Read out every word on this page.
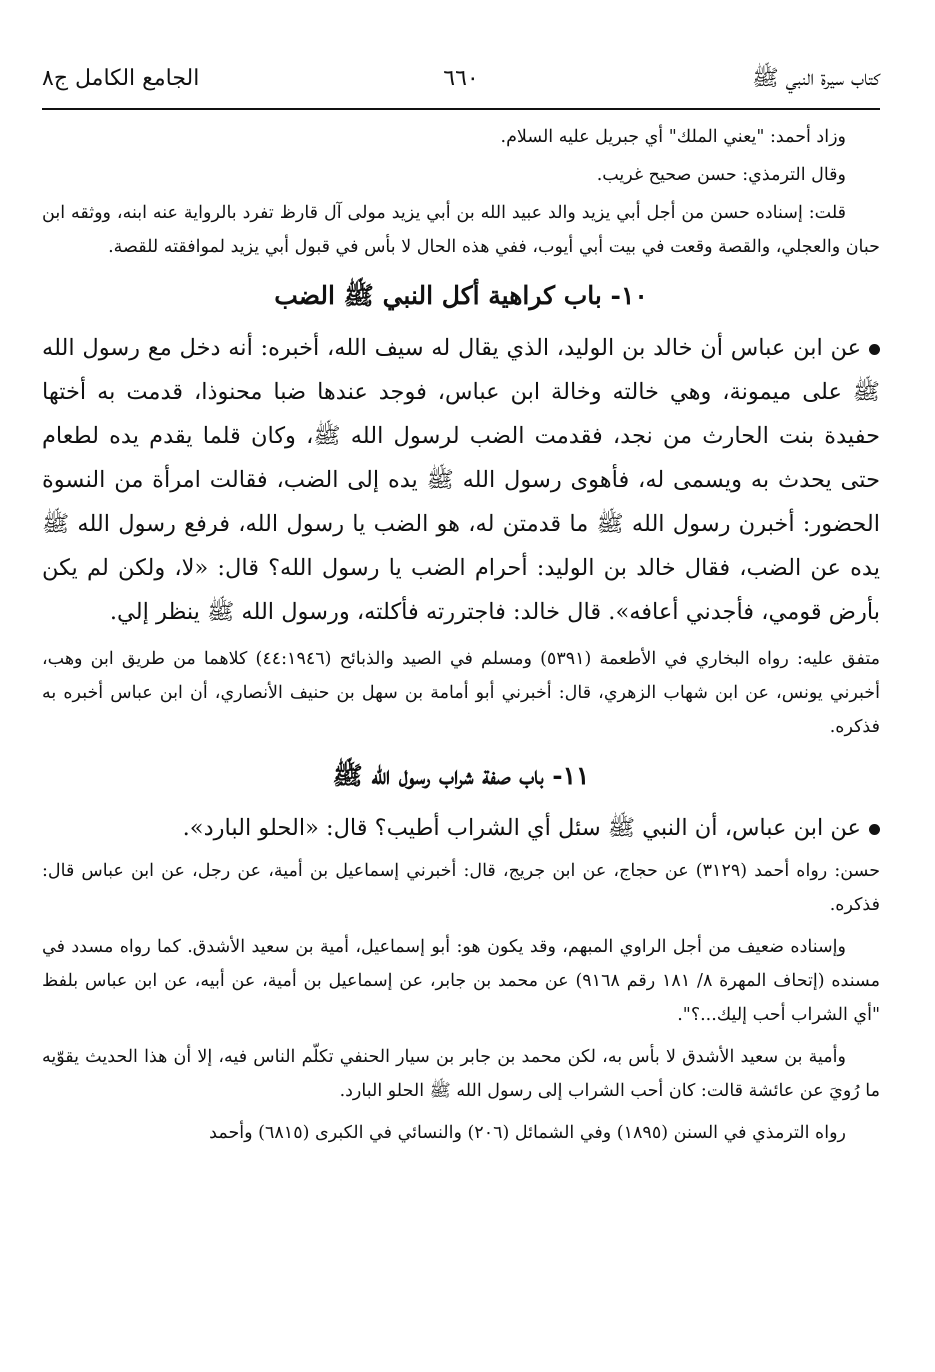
كتاب سيرة النبي ﷺ
٦٦٠
الجامع الكامل ج٨

وزاد أحمد: "يعني الملك" أي جبريل عليه السلام.

وقال الترمذي: حسن صحيح غريب.

قلت: إسناده حسن من أجل أبي يزيد والد عبيد الله بن أبي يزيد مولى آل قارظ تفرد بالرواية عنه ابنه، ووثقه ابن حبان والعجلي، والقصة وقعت في بيت أبي أيوب، ففي هذه الحال لا بأس في قبول أبي يزيد لموافقته للقصة.

١٠- باب كراهية أكل النبي ﷺ الضب

عن ابن عباس أن خالد بن الوليد، الذي يقال له سيف الله، أخبره: أنه دخل مع رسول الله ﷺ على ميمونة، وهي خالته وخالة ابن عباس، فوجد عندها ضبا محنوذا، قدمت به أختها حفيدة بنت الحارث من نجد، فقدمت الضب لرسول الله ﷺ، وكان قلما يقدم يده لطعام حتى يحدث به ويسمى له، فأهوى رسول الله ﷺ يده إلى الضب، فقالت امرأة من النسوة الحضور: أخبرن رسول الله ﷺ ما قدمتن له، هو الضب يا رسول الله، فرفع رسول الله ﷺ يده عن الضب، فقال خالد بن الوليد: أحرام الضب يا رسول الله؟ قال: «لا، ولكن لم يكن بأرض قومي، فأجدني أعافه». قال خالد: فاجتررته فأكلته، ورسول الله ﷺ ينظر إلي.

متفق عليه: رواه البخاري في الأطعمة (٥٣٩١) ومسلم في الصيد والذبائح (٤٤:١٩٤٦) كلاهما من طريق ابن وهب، أخبرني يونس، عن ابن شهاب الزهري، قال: أخبرني أبو أمامة بن سهل بن حنيف الأنصاري، أن ابن عباس أخبره به فذكره.

١١- باب صفة شراب رسول الله ﷺ

عن ابن عباس، أن النبي ﷺ سئل أي الشراب أطيب؟ قال: «الحلو البارد».

حسن: رواه أحمد (٣١٢٩) عن حجاج، عن ابن جريج، قال: أخبرني إسماعيل بن أمية، عن رجل، عن ابن عباس قال: فذكره.

وإسناده ضعيف من أجل الراوي المبهم، وقد يكون هو: أبو إسماعيل، أمية بن سعيد الأشدق. كما رواه مسدد في مسنده (إتحاف المهرة ٨/ ١٨١ رقم ٩١٦٨) عن محمد بن جابر، عن إسماعيل بن أمية، عن أبيه، عن ابن عباس بلفظ "أي الشراب أحب إليك...؟".

وأمية بن سعيد الأشدق لا بأس به، لكن محمد بن جابر بن سيار الحنفي تكلّم الناس فيه، إلا أن هذا الحديث يقوّيه ما رُويَ عن عائشة قالت: كان أحب الشراب إلى رسول الله ﷺ الحلو البارد.

رواه الترمذي في السنن (١٨٩٥) وفي الشمائل (٢٠٦) والنسائي في الكبرى (٦٨١٥) وأحمد
